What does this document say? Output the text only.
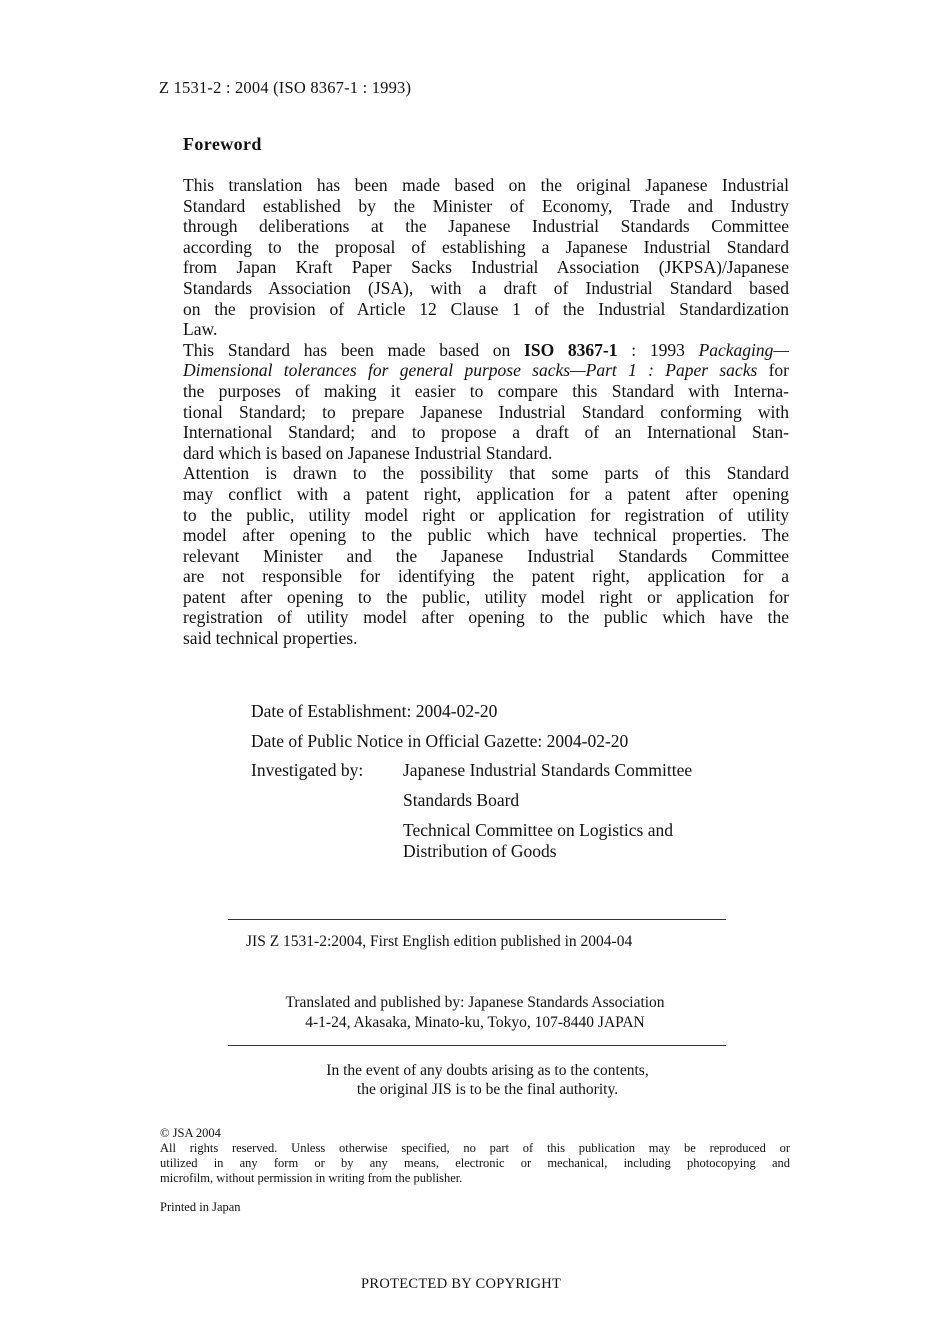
Z 1531-2 : 2004 (ISO 8367-1 : 1993)
Foreword

This translation has been made based on the original Japanese Industrial
Standard established by the Minister of Economy, Trade and Industry
through deliberations at the Japanese Industrial Standards Committee
according to the proposal of establishing a Japanese Industrial Standard
from Japan Kraft Paper Sacks Industrial Association (JKPSA)/Japanese
Standards Association (JSA), with a draft of Industrial Standard based
on the provision of Article 12 Clause 1 of the Industrial Standardization
Law.

This Standard has been made based on ISO 8367-1 : 1993 Packaging—
Dimensional tolerances for general purpose sacks—Part 1 : Paper sacks for
the purposes of making it easier to compare this Standard with Interna-
tional Standard; to prepare Japanese Industrial Standard conforming with
International Standard; and to propose a draft of an International Stan-
dard which is based on Japanese Industrial Standard.

Attention is drawn to the possibility that some parts of this Standard
may conflict with a patent right, application for a patent after opening
to the public, utility model right or application for registration of utility
model after opening to the public which have technical properties. The
relevant Minister and the Japanese Industrial Standards Committee
are not responsible for identifying the patent right, application for a
patent after opening to the public, utility model right or application for
registration of utility model after opening to the public which have the
said technical properties.

Date of Establishment: 2004-02-20
Date of Public Notice in Official Gazette: 2004-02-20
Investigated by: Japanese Industrial Standards Committee
Standards Board
Technical Committee on Logistics and
Distribution of Goods
JIS Z 1531-2:2004, First English edition published in 2004-04
Translated and published by: Japanese Standards Association
4-1-24, Akasaka, Minato-ku, Tokyo, 107-8440 JAPAN
In the event of any doubts arising as to the contents,
the original JIS is to be the final authority.
© JSA 2004
All rights reserved. Unless otherwise specified, no part of this publication may be reproduced or
utilized in any form or by any means, electronic or mechanical, including photocopying and
microfilm, without permission in writing from the publisher.
Printed in Japan
PROTECTED BY COPYRIGHT
